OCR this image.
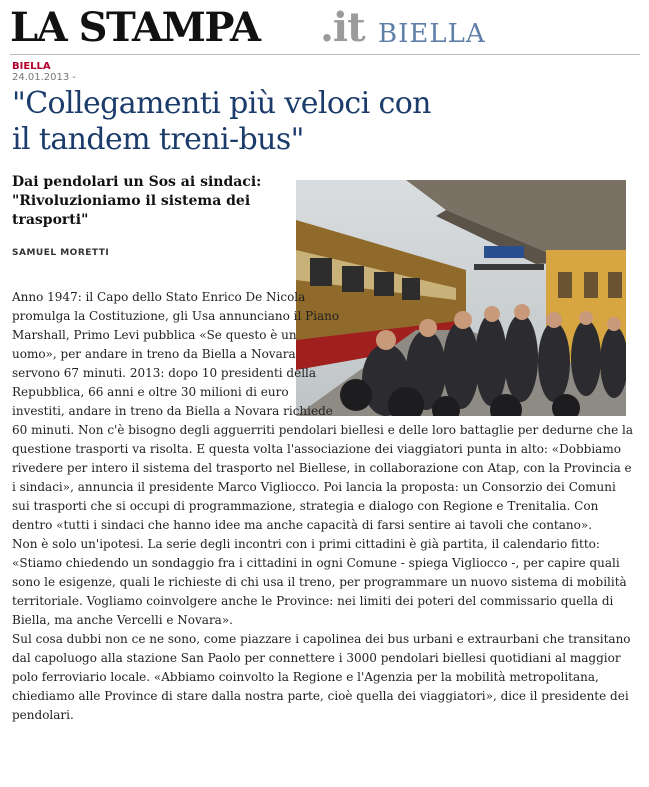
LA STAMPA .it BIELLA
BIELLA
24.01.2013 -
"Collegamenti più veloci con il tandem treni-bus"
Dai pendolari un Sos ai sindaci: "Rivoluzioniamo il sistema dei trasporti"
SAMUEL MORETTI

Anno 1947: il Capo dello Stato Enrico De Nicola promulga la Costituzione, gli Usa annunciano il Piano Marshall, Primo Levi pubblica «Se questo è un uomo», per andare in treno da Biella a Novara servono 67 minuti. 2013: dopo 10 presidenti della Repubblica, 66 anni e oltre 30 milioni di euro investiti, andare in treno da Biella a Novara richiede 60 minuti. Non c'è bisogno degli agguerriti pendolari biellesi e delle loro battaglie per dedurne che la questione trasporti va risolta. E questa volta l'associazione dei viaggiatori punta in alto: «Dobbiamo rivedere per intero il sistema del trasporto nel Biellese, in collaborazione con Atap, con la Provincia e i sindaci», annuncia il presidente Marco Vigliocco. Poi lancia la proposta: un Consorzio dei Comuni sui trasporti che si occupi di programmazione, strategia e dialogo con Regione e Trenitalia. Con dentro «tutti i sindaci che hanno idee ma anche capacità di farsi sentire ai tavoli che contano».

Non è solo un'ipotesi. La serie degli incontri con i primi cittadini è già partita, il calendario fitto: «Stiamo chiedendo un sondaggio fra i cittadini in ogni Comune - spiega Vigliocco -, per capire quali sono le esigenze, quali le richieste di chi usa il treno, per programmare un nuovo sistema di mobilità territoriale. Vogliamo coinvolgere anche le Province: nei limiti dei poteri del commissario quella di Biella, ma anche Vercelli e Novara».

Sul cosa dubbi non ce ne sono, come piazzare i capolinea dei bus urbani e extraurbani che transitano dal capoluogo alla stazione San Paolo per connettere i 3000 pendolari biellesi quotidiani al maggior polo ferroviario locale. «Abbiamo coinvolto la Regione e l'Agenzia per la mobilità metropolitana, chiediamo alle Province di stare dalla nostra parte, cioè quella dei viaggiatori», dice il presidente dei pendolari.
